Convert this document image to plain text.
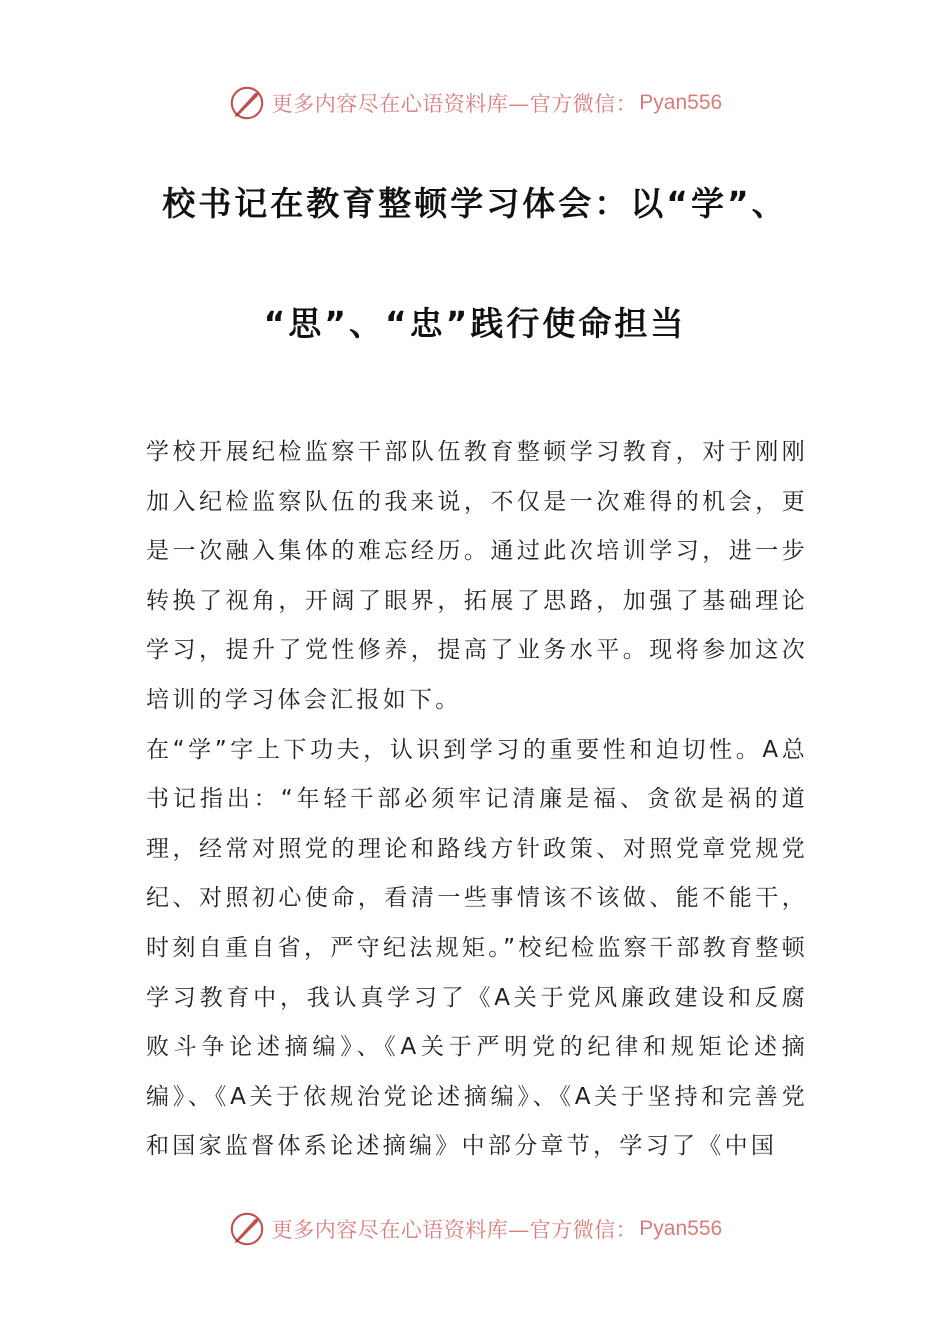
更多内容尽在心语资料库—官方微信： Pyan556
校书记在教育整顿学习体会：以“学”、
“思”、“忠”践行使命担当

学校开展纪检监察干部队伍教育整顿学习教育，对于刚刚加入纪检监察队伍的我来说，不仅是一次难得的机会，更是一次融入集体的难忘经历。通过此次培训学习，进一步转换了视角，开阔了眼界，拓展了思路，加强了基础理论学习，提升了党性修养，提高了业务水平。现将参加这次培训的学习体会汇报如下。

在“学”字上下功夫，认识到学习的重要性和迫切性。A总书记指出：“年轻干部必须牢记清廉是福、贪欲是祸的道理，经常对照党的理论和路线方针政策、对照党章党规党纪、对照初心使命，看清一些事情该不该做、能不能干，时刻自重自省，严守纪法规矩。”校纪检监察干部教育整顿学习教育中，我认真学习了《A关于党风廉政建设和反腐败斗争论述摘编》、《A关于严明党的纪律和规矩论述摘编》、《A关于依规治党论述摘编》、《A关于坚持和完善党和国家监督体系论述摘编》中部分章节，学习了《中国

更多内容尽在心语资料库—官方微信： Pyan556
